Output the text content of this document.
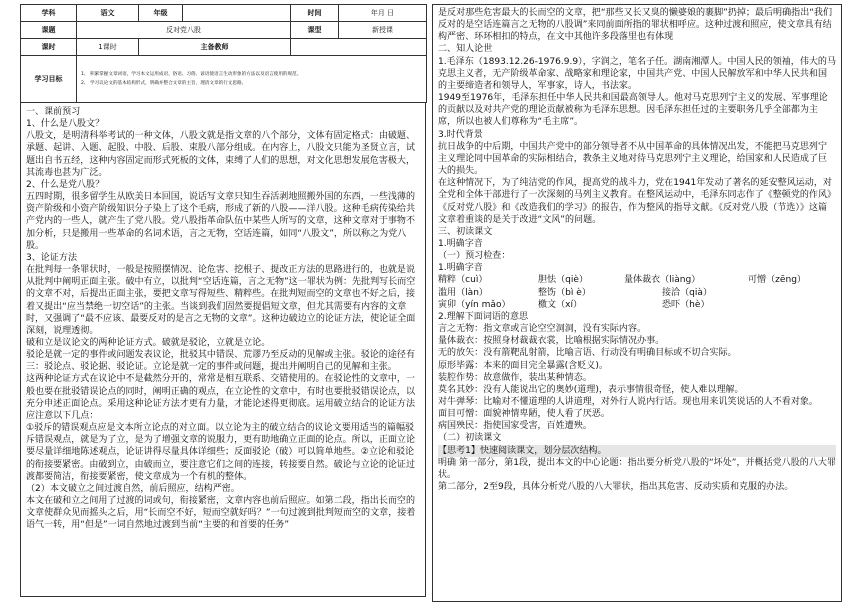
学科	语文	年级		时间	年月 日
课题	反对党八股			课型	新授课
课时	1课时	主备教师			
学习目标	1、 积累掌握文章词语，学习本文运用成语、俗语、习俗、谚语使语言生动形象的方法以及语言使用的规范。

2、 学习议论文的基本结构形式，明确并整合文章的主旨，理清文章的行文思路。				

一、课前预习

1、什么是八股文？

八股文，是明清科举考试的一种文体，八股文就是指文章的八个部分，文体有固定格式：由破题、承题、起讲、入题、起股、中股、后股、束股八部分组成。在内容上，八股文只能为圣贤立言，试题出自书五经，这种内容固定而形式死板的文体，束缚了人们的思想，对文化思想发展危害极大，其流毒也甚为广泛。

2、什么是党八股？

五四时期，很多留学生从欧美日本回国，说话写文章只知生吞活剥地照搬外国的东西，一些浅薄的资产阶级和小资产阶级知识分子染上了这个毛病，形成了新的八股——洋八股。这种毛病传染给共产党内的一些人，就产生了党八股。党八股指革命队伍中某些人所写的文章，这种文章对于事物不加分析，只是搬用一些革命的名词术语，言之无物，空话连篇，如同“八股文”，所以称之为党八股。

3、论证方法

在批判每一条罪状时，一般是按照摆情况、论危害、挖根子、提改正方法的思路进行的，也就是说从批判中阐明正面主张。破中有立，以批判“空话连篇，言之无物”这一罪状为例：先批判写长而空的文章不对，后提出正面主张，要把文章写得短些、精粹些。在批判短而空的文章也不好之后，接着又提出“应当禁绝一切空话”的主张。当谈到我们固然要提倡短文章，但尤其需要有内容的文章时，又强调了“最不应该、最要反对的是言之无物的文章”。这种边破边立的论证方法，使论证全面深刻，说理透彻。

破和立是议论文的两种论证方式。破就是驳论，立就是立论。

驳论是就一定的事件或问题发表议论，批驳其中错误、荒谬乃至反动的见解或主张。驳论的途径有三：驳论点、驳论据、驳论证。立论是就一定的事件或问题，提出并阐明自己的见解和主张。

这两种论证方式在议论中不是截然分开的，常常是相互联系、交错使用的。在驳论性的文章中，一般也要在批驳错误论点的同时，阐明正确的观点，在立论性的文章中，有时也要批驳错误论点，以充分申述正面论点。采用这种论证方法才更有力量，才能论述得更彻底。运用破立结合的论证方法应注意以下几点：

①驳斥的错误观点应是文本所立论点的对立面。以立论为主的破立结合的议论文要用适当的篇幅驳斥错误观点，就是为了立，是为了增强文章的说服力，更有助地确立正面的论点。所以，正面立论要尽量详细地陈述观点，论证讲得尽量具体详细些；反面驳论（破）可以简单地些。②立论和驳论的衔接要紧密。由破到立，由破而立，要注意它们之间的连接，转接要自然。破论与立论的论证过渡都要简洁，衔接要紧密，使文章成为一个有机的整体。

（2）本文破立之间过渡自然，前后照应，结构严密。

本文在破和立之间用了过渡的词或句，衔接紧密，文章内容也前后照应。如第二段，指出长而空的文章使群众见而摇头之后，用“长而空不好，短而空就好吗？”一句过渡到批判短而空的文章，接着语气一转，用“但是”一词自然地过渡到当前“主要的和首要的任务”

是反对那些危害最大的长而空的文章，把“那些又长又臭的懒婆娘的裹脚”扔掉；最后明确指出“我们反对的是空话连篇言之无物的八股调”来同前面所指的罪状相呼应。这种过渡和照应，使文章具有结构严密、环环相扣的特点，在文中其他许多段落里也有体现

二、知人论世

1.毛泽东（1893.12.26-1976.9.9），字润之，笔名子任。湖南湘潭人。中国人民的领袖，伟大的马克思主义者，无产阶级革命家、战略家和理论家，中国共产党、中国人民解放军和中华人民共和国的主要缔造者和领导人，军事家，诗人，书法家。

1949至1976年，毛泽东担任中华人民共和国最高领导人。他对马克思列宁主义的发展、军事理论的贡献以及对共产党的理论贡献被称为毛泽东思想。因毛泽东担任过的主要职务几乎全部都为主席，所以也被人们尊称为“毛主席”。

3.时代背景

抗日战争的中后期，中国共产党中的部分领导者不从中国革命的具体情况出发，不能把马克思列宁主义理论同中国革命的实际相结合，教条主义地对待马克思列宁主义理论，给国家和人民造成了巨大的损失。

在这种情况下，为了纯洁党的作风，提高党的战斗力，党在1941年发动了著名的延安整风运动，对全党和全体干部进行了一次深刻的马列主义教育。在整风运动中，毛泽东同志作了《整顿党的作风》《反对党八股》和《改造我们的学习》的报告，作为整风的指导文献。《反对党八股（节选）》这篇文章着重谈的是关于改进“文风”的问题。

三、初读课文

1.明确字音

（一）预习检查：

1.明确字音

精粹（cuì）	胆怯（qiè）	量体裁衣（liàng）	可憎（zēng）

滥用（làn）	整饬（bì è）	接洽（qià）

寅卯（yín mǎo）	檄文（xí）	恐吓（hè）

2.理解下面词语的意思

言之无物：指文章或言论空空洞洞，没有实际内容。

量体裁衣：按照身材裁裁衣裳，比喻根据实际情况办事。

无的放矢：没有箭靶乱射箭，比喻言语、行动没有明确目标或不切合实际。

原形毕露：本来的面目完全暴露(含贬义)。

装腔作势：故意做作，装出某种情态。

莫名其妙：没有人能说出它的奥妙(道理)，表示事情很奇怪，使人难以理解。

对牛弹琴：比喻对不懂道理的人讲道理，对外行人说内行话。现也用来讥笑说话的人不看对象。

面目可憎：面貌神情卑陋，使人看了厌恶。

病国殃民：指使国家受害，百姓遭殃。

（二）初读课文

【思考1】快速阅读课文，划分层次结构。

明确 第一部分，第1段，提出本文的中心论题：指出要分析党八股的“坏处”，并概括党八股的八大罪状。

第二部分，2至9段，具体分析党八股的八大罪状，指出其危害、反动实质和克服的办法。
